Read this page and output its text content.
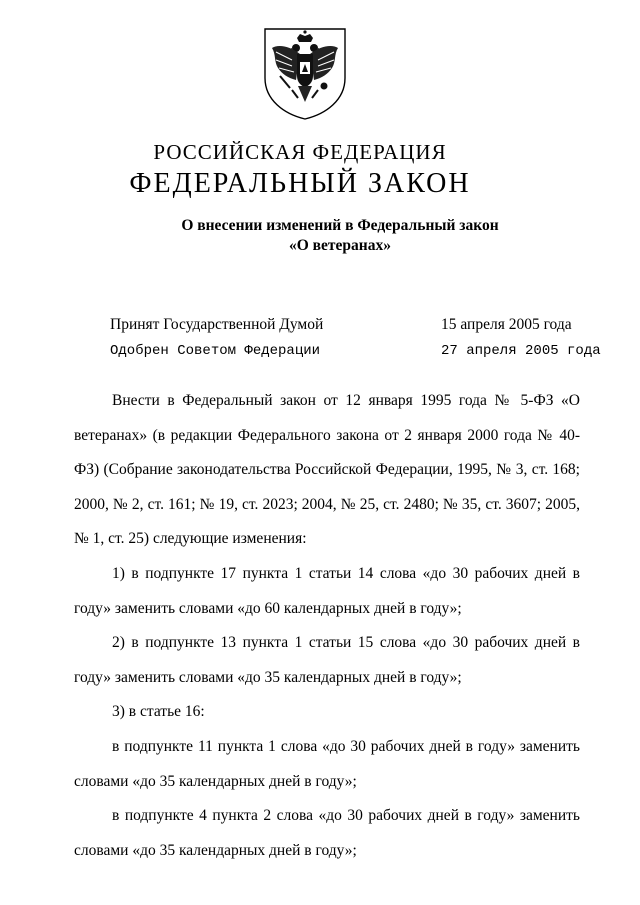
РОССИЙСКАЯ ФЕДЕРАЦИЯ
ФЕДЕРАЛЬНЫЙ ЗАКОН
О внесении изменений в Федеральный закон
«О ветеранах»
Принят Государственной Думой	15 апреля 2005 года
Одобрен Советом Федерации	27 апреля 2005 года

Внести в Федеральный закон от 12 января 1995 года № 5-ФЗ «О ветеранах» (в редакции Федерального закона от 2 января 2000 года № 40-ФЗ) (Собрание законодательства Российской Федерации, 1995, № 3, ст. 168; 2000, № 2, ст. 161; № 19, ст. 2023; 2004, № 25, ст. 2480; № 35, ст. 3607; 2005, № 1, ст. 25) следующие изменения:

1) в подпункте 17 пункта 1 статьи 14 слова «до 30 рабочих дней в году» заменить словами «до 60 календарных дней в году»;

2) в подпункте 13 пункта 1 статьи 15 слова «до 30 рабочих дней в году» заменить словами «до 35 календарных дней в году»;

3) в статье 16:

в подпункте 11 пункта 1 слова «до 30 рабочих дней в году» заменить словами «до 35 календарных дней в году»;

в подпункте 4 пункта 2 слова «до 30 рабочих дней в году» заменить словами «до 35 календарных дней в году»;
